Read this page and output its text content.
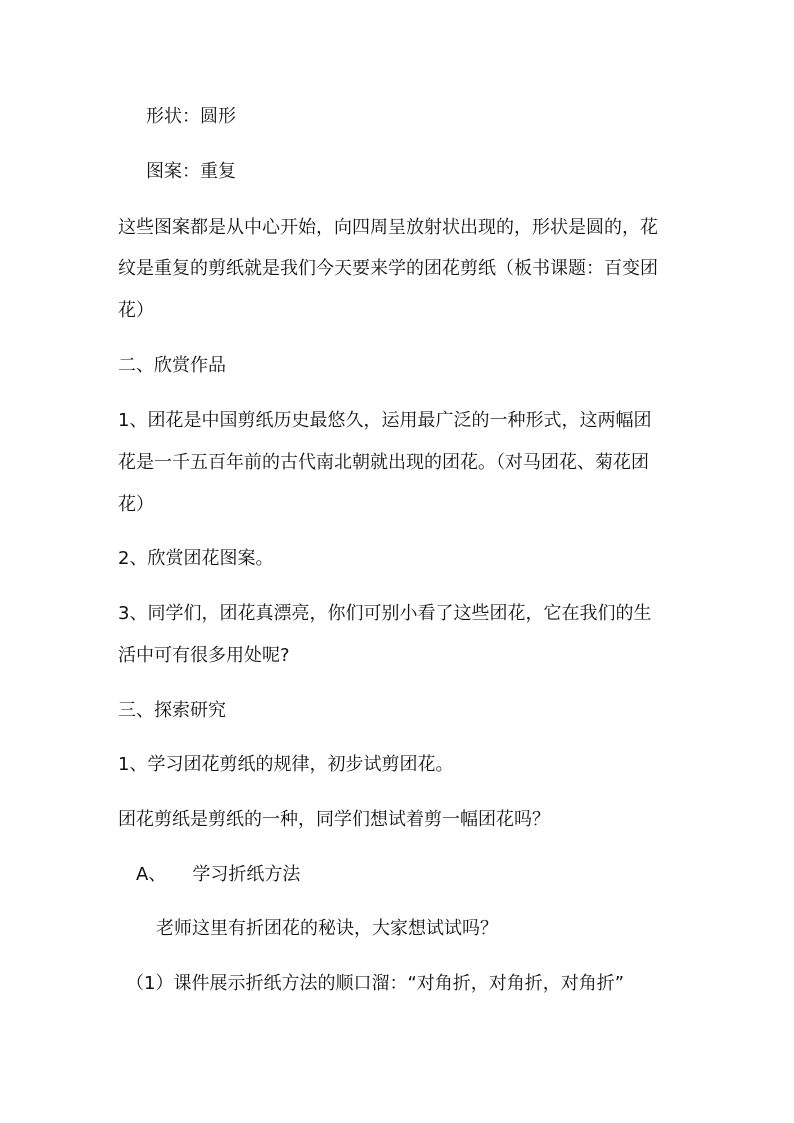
形状：圆形
图案：重复
这些图案都是从中心开始，向四周呈放射状出现的，形状是圆的，花
纹是重复的剪纸就是我们今天要来学的团花剪纸（板书课题：百变团
花）
二、欣赏作品
1、团花是中国剪纸历史最悠久，运用最广泛的一种形式，这两幅团
花是一千五百年前的古代南北朝就出现的团花。（对马团花、菊花团
花）
2、欣赏团花图案。
3、同学们，团花真漂亮，你们可别小看了这些团花，它在我们的生
活中可有很多用处呢?
三、探索研究
1、学习团花剪纸的规律，初步试剪团花。
团花剪纸是剪纸的一种，同学们想试着剪一幅团花吗？
A、 学习折纸方法
老师这里有折团花的秘诀，大家想试试吗？
（1）课件展示折纸方法的顺口溜：“对角折，对角折，对角折”
